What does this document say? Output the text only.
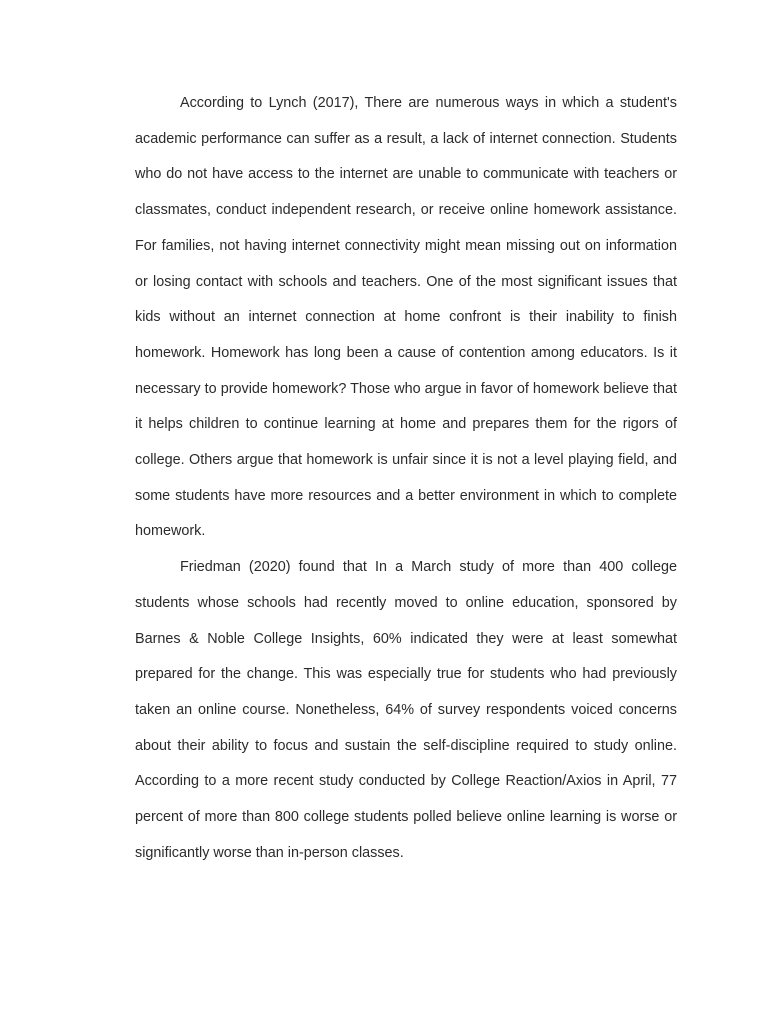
According to Lynch (2017), There are numerous ways in which a student's academic performance can suffer as a result, a lack of internet connection. Students who do not have access to the internet are unable to communicate with teachers or classmates, conduct independent research, or receive online homework assistance. For families, not having internet connectivity might mean missing out on information or losing contact with schools and teachers. One of the most significant issues that kids without an internet connection at home confront is their inability to finish homework. Homework has long been a cause of contention among educators. Is it necessary to provide homework? Those who argue in favor of homework believe that it helps children to continue learning at home and prepares them for the rigors of college. Others argue that homework is unfair since it is not a level playing field, and some students have more resources and a better environment in which to complete homework.

Friedman (2020) found that In a March study of more than 400 college students whose schools had recently moved to online education, sponsored by Barnes & Noble College Insights, 60% indicated they were at least somewhat prepared for the change. This was especially true for students who had previously taken an online course. Nonetheless, 64% of survey respondents voiced concerns about their ability to focus and sustain the self-discipline required to study online. According to a more recent study conducted by College Reaction/Axios in April, 77 percent of more than 800 college students polled believe online learning is worse or significantly worse than in-person classes.
